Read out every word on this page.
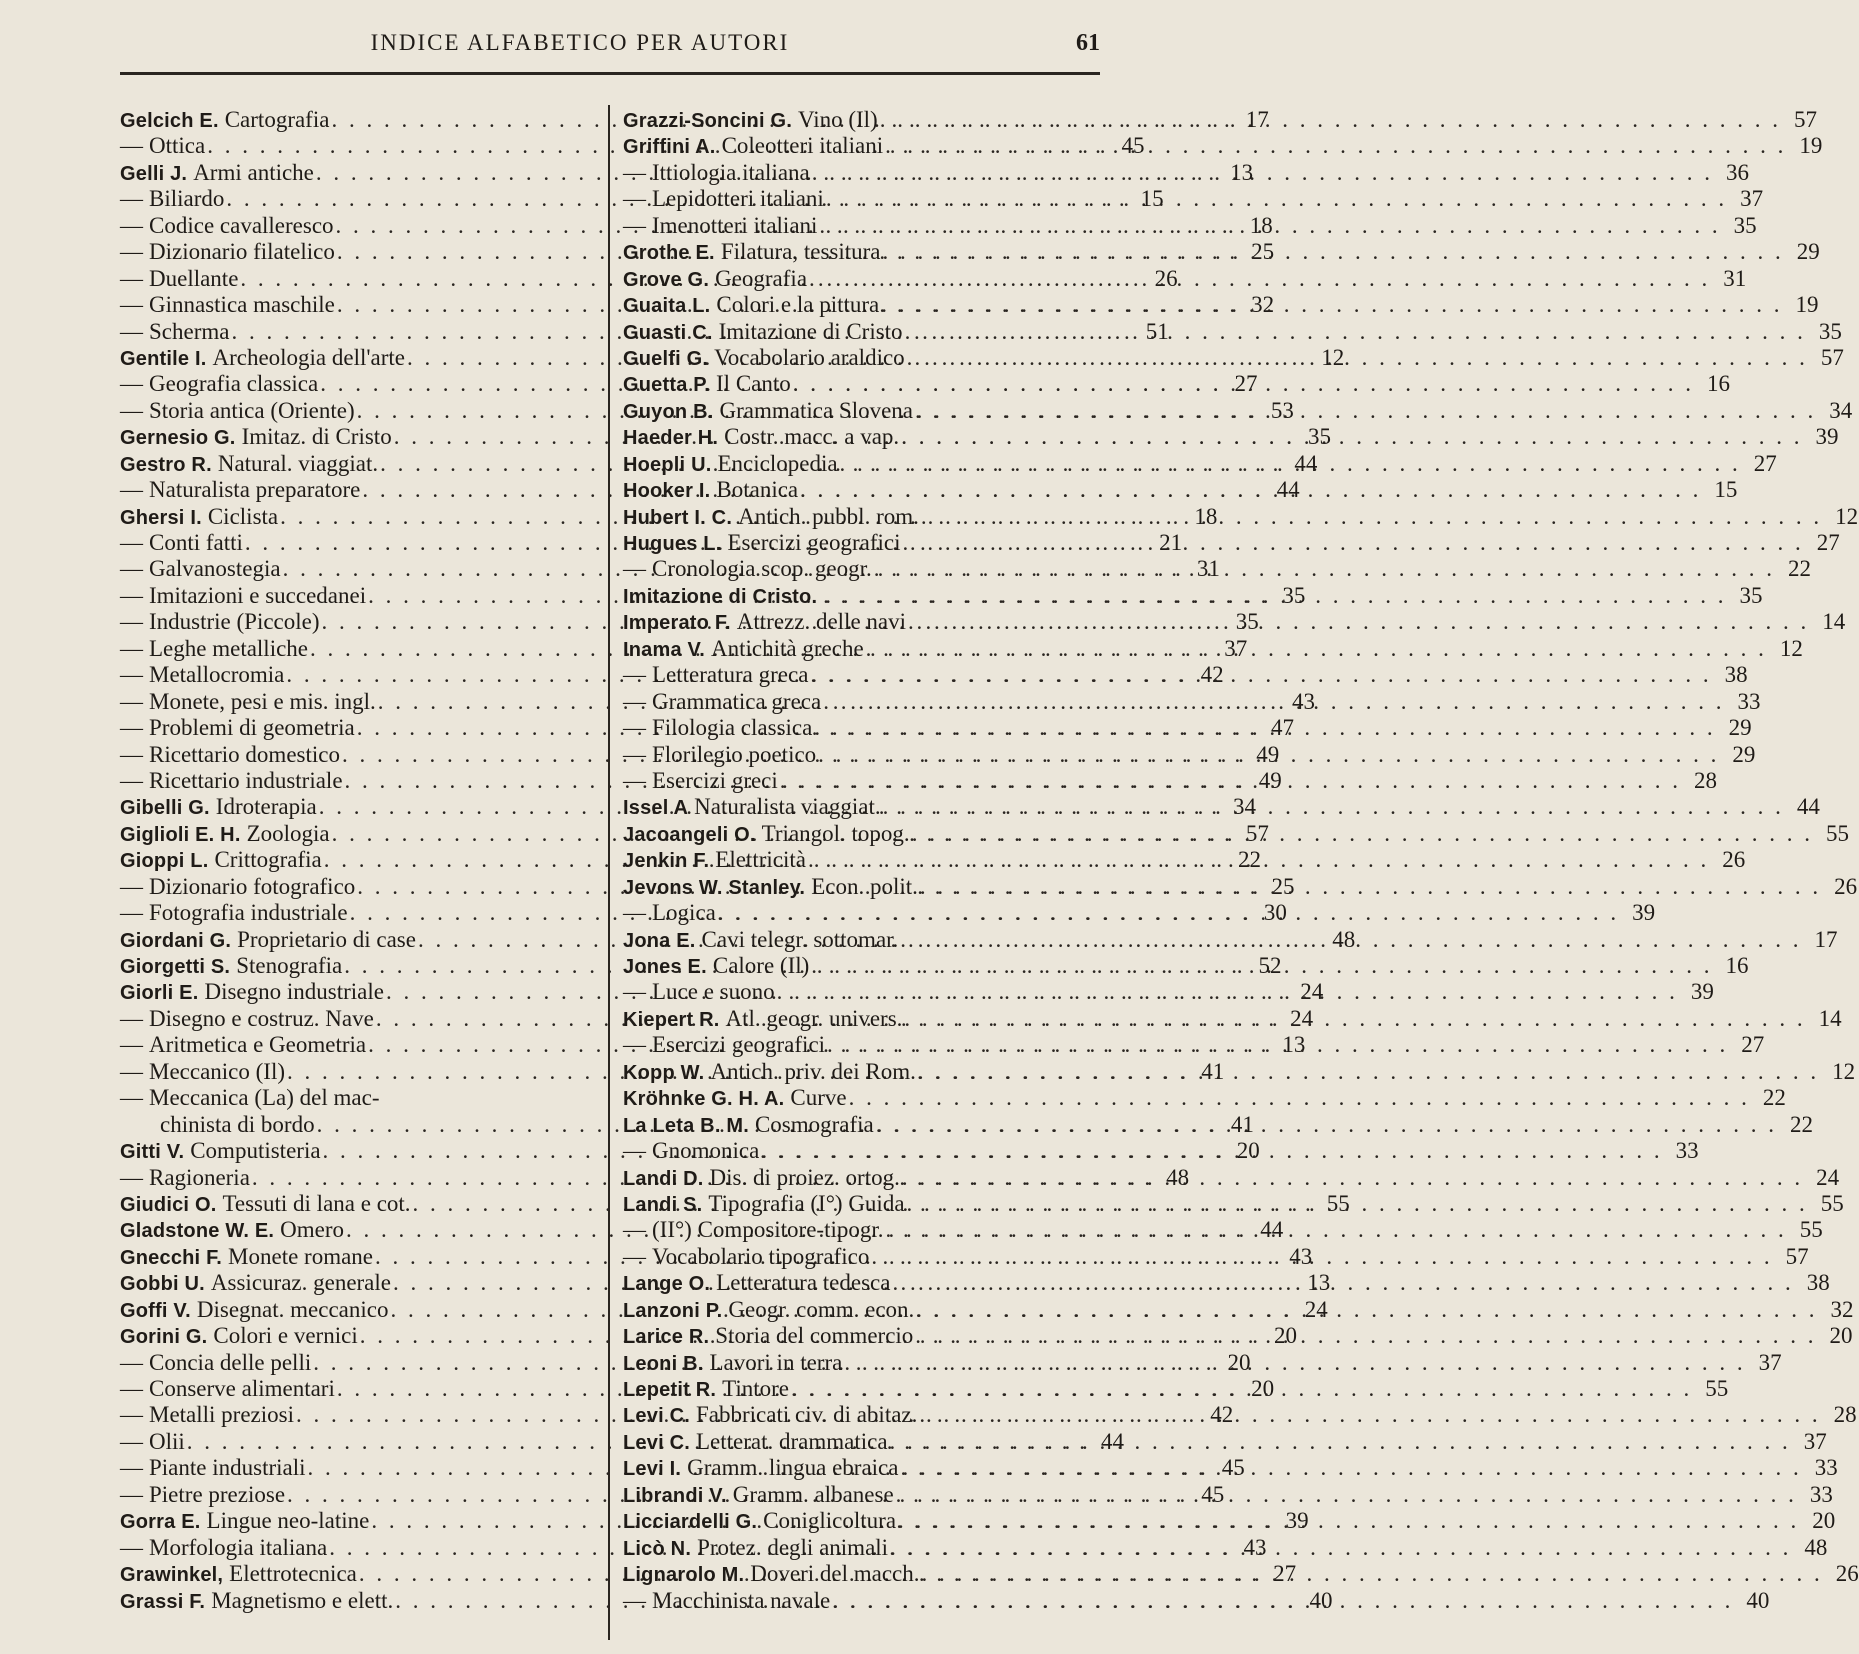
INDICE ALFABETICO PER AUTORI	61
Gelcich E. Cartografia . . .	17
— Ottica . . .	45
Gelli J. Armi antiche . . .	13
— Biliardo . . .	15
— Codice cavalleresco . . .	18
— Dizionario filatelico . . .	25
— Duellante . . .	26
— Ginnastica maschile . . .	32
— Scherma . . .	51
Gentile I. Archeologia dell'arte . . .	12
— Geografia classica . . .	27
— Storia antica (Oriente) . . .	53
Gernesio G. Imitaz. di Cristo . . .	35
Gestro R. Natural. viaggiat. . . .	44
— Naturalista preparatore . . .	44
Ghersi I. Ciclista . . .	18
— Conti fatti . . .	21
— Galvanostegia . . .	31
— Imitazioni e succedanei . . .	35
— Industrie (Piccole) . . .	35
— Leghe metalliche . . .	37
— Metallocromia . . .	42
— Monete, pesi e mis. ingl. . . .	43
— Problemi di geometria . . .	47
— Ricettario domestico . . .	49
— Ricettario industriale . . .	49
Gibelli G. Idroterapia . . .	34
Giglioli E. H. Zoologia . . .	57
Gioppi L. Crittografia . . .	22
— Dizionario fotografico . . .	25
— Fotografia industriale . . .	30
Giordani G. Proprietario di case . . .	48
Giorgetti S. Stenografia . . .	52
Giorli E. Disegno industriale . . .	24
— Disegno e costruz. Nave . . .	24
— Aritmetica e Geometria . . .	13
— Meccanico (Il) . . .	41
— Meccanica (La) del mac-
chinista di bordo . . .	41
Gitti V. Computisteria . . .	20
— Ragioneria . . .	48
Giudici O. Tessuti di lana e cot. . . .	55
Gladstone W. E. Omero . . .	44
Gnecchi F. Monete romane . . .	43
Gobbi U. Assicuraz. generale . . .	13
Goffi V. Disegnat. meccanico . . .	24
Gorini G. Colori e vernici . . .	20
— Concia delle pelli . . .	20
— Conserve alimentari . . .	20
— Metalli preziosi . . .	42
— Olii . . .	44
— Piante industriali . . .	45
— Pietre preziose . . .	45
Gorra E. Lingue neo-latine . . .	39
— Morfologia italiana . . .	43
Grawinkel, Elettrotecnica . . .	27
Grassi F. Magnetismo e elett. . . .	40
Grazzi-Soncini G. Vino (Il) . . .	57
Griffini A. Coleotteri italiani . . .	19
— Ittiologia italiana . . .	36
— Lepidotteri italiani . . .	37
— Imenotteri italiani . . .	35
Grothe E. Filatura, tessitura . . .	29
Grove G. Geografia . . .	31
Guaita L. Colori e la pittura . . .	19
Guasti C. Imitazione di Cristo . . .	35
Guelfi G. Vocabolario araldico . . .	57
Guetta P. Il Canto . . .	16
Guyon B. Grammatica Slovena . . .	34
Haeder H. Costr. macc. a vap. . . .	39
Hoepli U. Enciclopedia . . .	27
Hooker I. Botanica . . .	15
Hubert I. C. Antich. pubbl. rom. . . .	12
Hugues L. Esercizi geografici . . .	27
— Cronologia scop. geogr. . . .	22
Imitazione di Cristo. . . .	35
Imperato F. Attrezz. delle navi . . .	14
Inama V. Antichità greche . . .	12
— Letteratura greca . . .	38
— Grammatica greca . . .	33
— Filologia classica . . .	29
— Florilegio poetico . . .	29
— Esercizi greci . . .	28
Issel A Naturalista viaggiat. . . .	44
Jacoangeli O. Triangol. topog. . . .	55
Jenkin F. Elettricità . . .	26
Jevons W. Stanley. Econ. polit. . . .	26
— Logica . . .	39
Jona E. Cavi telegr. sottomar. . . .	17
Jones E. Calore (Il) . . .	16
— Luce e suono . . .	39
Kiepert R. Atl. geogr. univers. . . .	14
— Esercizi geografici . . .	27
Kopp W. Antich. priv. dei Rom. . . .	12
Kröhnke G. H. A. Curve . . .	22
La Leta B. M. Cosmografia . . .	22
— Gnomonica . . .	33
Landi D. Dis. di proiez. ortog. . . .	24
Landi S. Tipografia (I°) Guida . . .	55
— (II°) Compositore-tipogr. . . .	55
— Vocabolario tipografico . . .	57
Lange O. Letteratura tedesca . . .	38
Lanzoni P. Geogr. comm. econ. . . .	32
Larice R. Storia del commercio . . .	20
Leoni B. Lavori in terra . . .	37
Lepetit R. Tintore . . .	55
Levi C. Fabbricati civ. di abitaz. . . .	28
Levi C. Letterat. drammatica . . .	37
Levi I. Gramm. lingua ebraica . . .	33
Librandi V. Gramm. albanese . . .	33
Licciardelli G. Coniglicoltura . . .	20
Licò N. Protez. degli animali . . .	48
Lignarolo M. Doveri del macch. . . .	26
— Macchinista navale . . .	40
